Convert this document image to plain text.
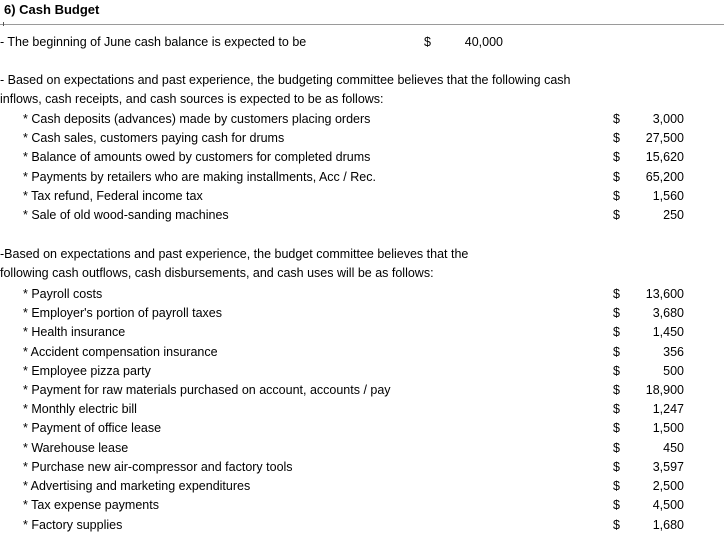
6) Cash Budget
- The beginning of June cash balance is expected to be	$	40,000
- Based on expectations and past experience, the budgeting committee believes that the following cash
inflows, cash receipts, and cash sources is expected to be as follows:
* Cash deposits (advances) made by customers placing orders	$	3,000
* Cash sales, customers paying cash for drums	$	27,500
* Balance of amounts owed by customers for completed drums	$	15,620
* Payments by retailers who are making installments, Acc / Rec.	$	65,200
* Tax refund, Federal income tax	$	1,560
* Sale of old wood-sanding machines	$	250
-Based on expectations and past experience, the budget committee believes that the
following cash outflows, cash disbursements, and cash uses will be as follows:
* Payroll costs	$	13,600
* Employer's portion of payroll taxes	$	3,680
* Health insurance	$	1,450
* Accident compensation insurance	$	356
* Employee pizza party	$	500
* Payment for raw materials purchased on account, accounts / pay	$	18,900
* Monthly electric bill	$	1,247
* Payment of office lease	$	1,500
* Warehouse lease	$	450
* Purchase new air-compressor and factory tools	$	3,597
* Advertising and marketing expenditures	$	2,500
* Tax expense payments	$	4,500
* Factory supplies	$	1,680
